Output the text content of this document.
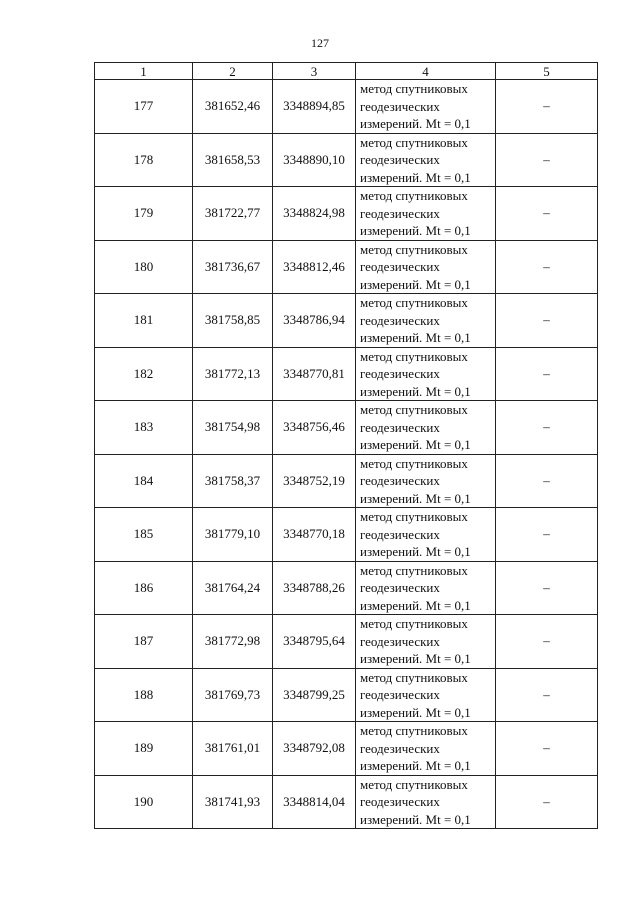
127
1	2	3	4	5
177	381652,46	3348894,85	метод спутниковых
геодезических
измерений. Mt = 0,1	–
178	381658,53	3348890,10	метод спутниковых
геодезических
измерений. Mt = 0,1	–
179	381722,77	3348824,98	метод спутниковых
геодезических
измерений. Mt = 0,1	–
180	381736,67	3348812,46	метод спутниковых
геодезических
измерений. Mt = 0,1	–
181	381758,85	3348786,94	метод спутниковых
геодезических
измерений. Mt = 0,1	–
182	381772,13	3348770,81	метод спутниковых
геодезических
измерений. Mt = 0,1	–
183	381754,98	3348756,46	метод спутниковых
геодезических
измерений. Mt = 0,1	–
184	381758,37	3348752,19	метод спутниковых
геодезических
измерений. Mt = 0,1	–
185	381779,10	3348770,18	метод спутниковых
геодезических
измерений. Mt = 0,1	–
186	381764,24	3348788,26	метод спутниковых
геодезических
измерений. Mt = 0,1	–
187	381772,98	3348795,64	метод спутниковых
геодезических
измерений. Mt = 0,1	–
188	381769,73	3348799,25	метод спутниковых
геодезических
измерений. Mt = 0,1	–
189	381761,01	3348792,08	метод спутниковых
геодезических
измерений. Mt = 0,1	–
190	381741,93	3348814,04	метод спутниковых
геодезических
измерений. Mt = 0,1	–
